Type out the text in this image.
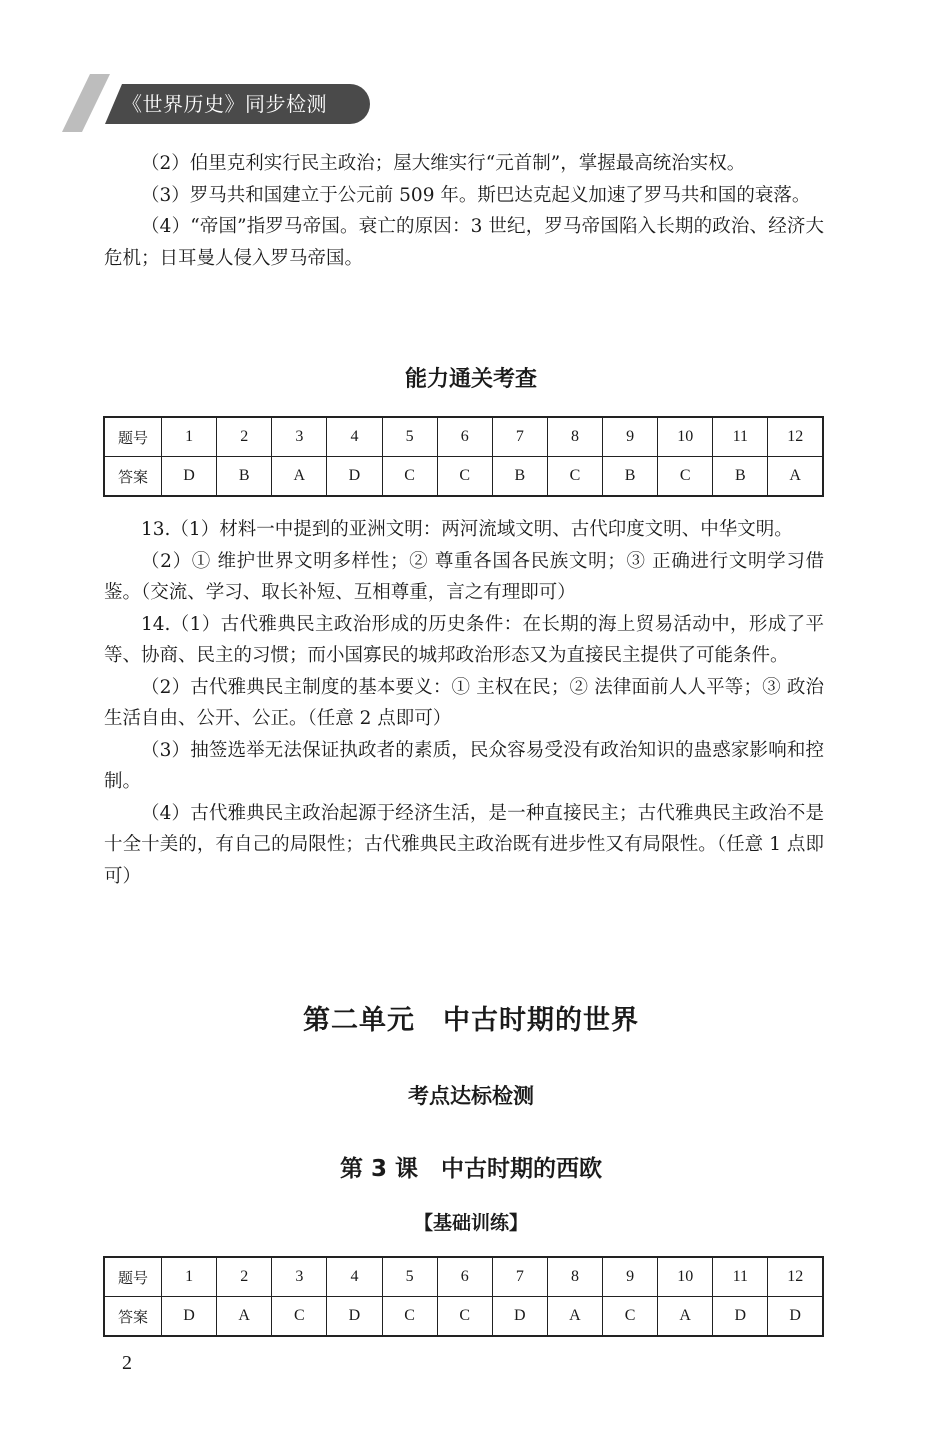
《世界历史》同步检测

（2）伯里克利实行民主政治；屋大维实行“元首制”，掌握最高统治实权。

（3）罗马共和国建立于公元前 509 年。斯巴达克起义加速了罗马共和国的衰落。

（4）“帝国”指罗马帝国。衰亡的原因：3 世纪，罗马帝国陷入长期的政治、经济大危机；日耳曼人侵入罗马帝国。

能力通关考查
题号	1	2	3	4	5	6	7	8	9	10	11	12
答案	D	B	A	D	C	C	B	C	B	C	B	A

13.（1）材料一中提到的亚洲文明：两河流域文明、古代印度文明、中华文明。

（2）① 维护世界文明多样性；② 尊重各国各民族文明；③ 正确进行文明学习借鉴。（交流、学习、取长补短、互相尊重，言之有理即可）

14.（1）古代雅典民主政治形成的历史条件：在长期的海上贸易活动中，形成了平等、协商、民主的习惯；而小国寡民的城邦政治形态又为直接民主提供了可能条件。

（2）古代雅典民主制度的基本要义：① 主权在民；② 法律面前人人平等；③ 政治生活自由、公开、公正。（任意 2 点即可）

（3）抽签选举无法保证执政者的素质，民众容易受没有政治知识的蛊惑家影响和控制。

（4）古代雅典民主政治起源于经济生活，是一种直接民主；古代雅典民主政治不是十全十美的，有自己的局限性；古代雅典民主政治既有进步性又有局限性。（任意 1 点即可）

第二单元　中古时期的世界
考点达标检测
第 3 课　中古时期的西欧
【基础训练】
题号	1	2	3	4	5	6	7	8	9	10	11	12
答案	D	A	C	D	C	C	D	A	C	A	D	D
2
